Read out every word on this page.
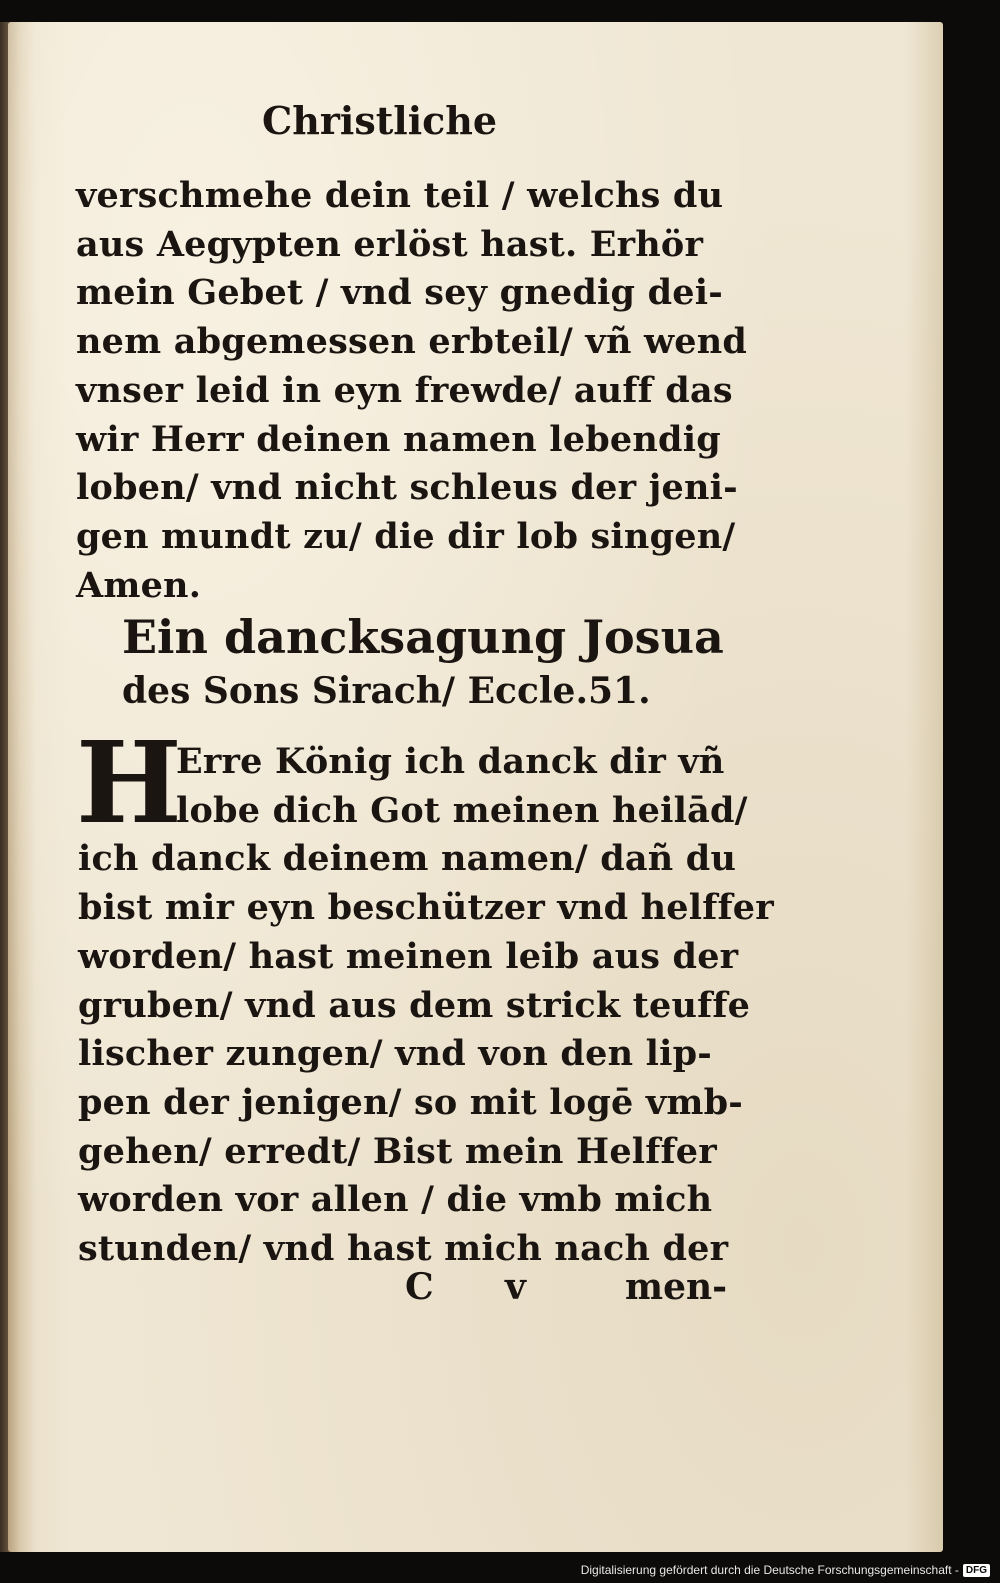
Christliche
verschmehe dein teil / welchs du
aus Aegypten erlöst hast. Erhör
mein Gebet / vnd sey gnedig dei-
nem abgemessen erbteil/ vñ wend
vnser leid in eyn frewde/ auff das
wir Herr deinen namen lebendig
loben/ vnd nicht schleus der jeni-
gen mundt zu/ die dir lob singen/
Amen.
Ein dancksagung Josua
des Sons Sirach/ Eccle.51.
H
Erre König ich danck dir vñ
lobe dich Got meinen heilād/
ich danck deinem namen/ dañ du
bist mir eyn beschützer vnd helffer
worden/ hast meinen leib aus der
gruben/ vnd aus dem strick teuffe
lischer zungen/ vnd von den lip-
pen der jenigen/ so mit logē vmb-
gehen/ erredt/ Bist mein Helffer
worden vor allen / die vmb mich
stunden/ vnd hast mich nach der
C v	men-
Digitalisierung gefördert durch die Deutsche Forschungsgemeinschaft - DFG
